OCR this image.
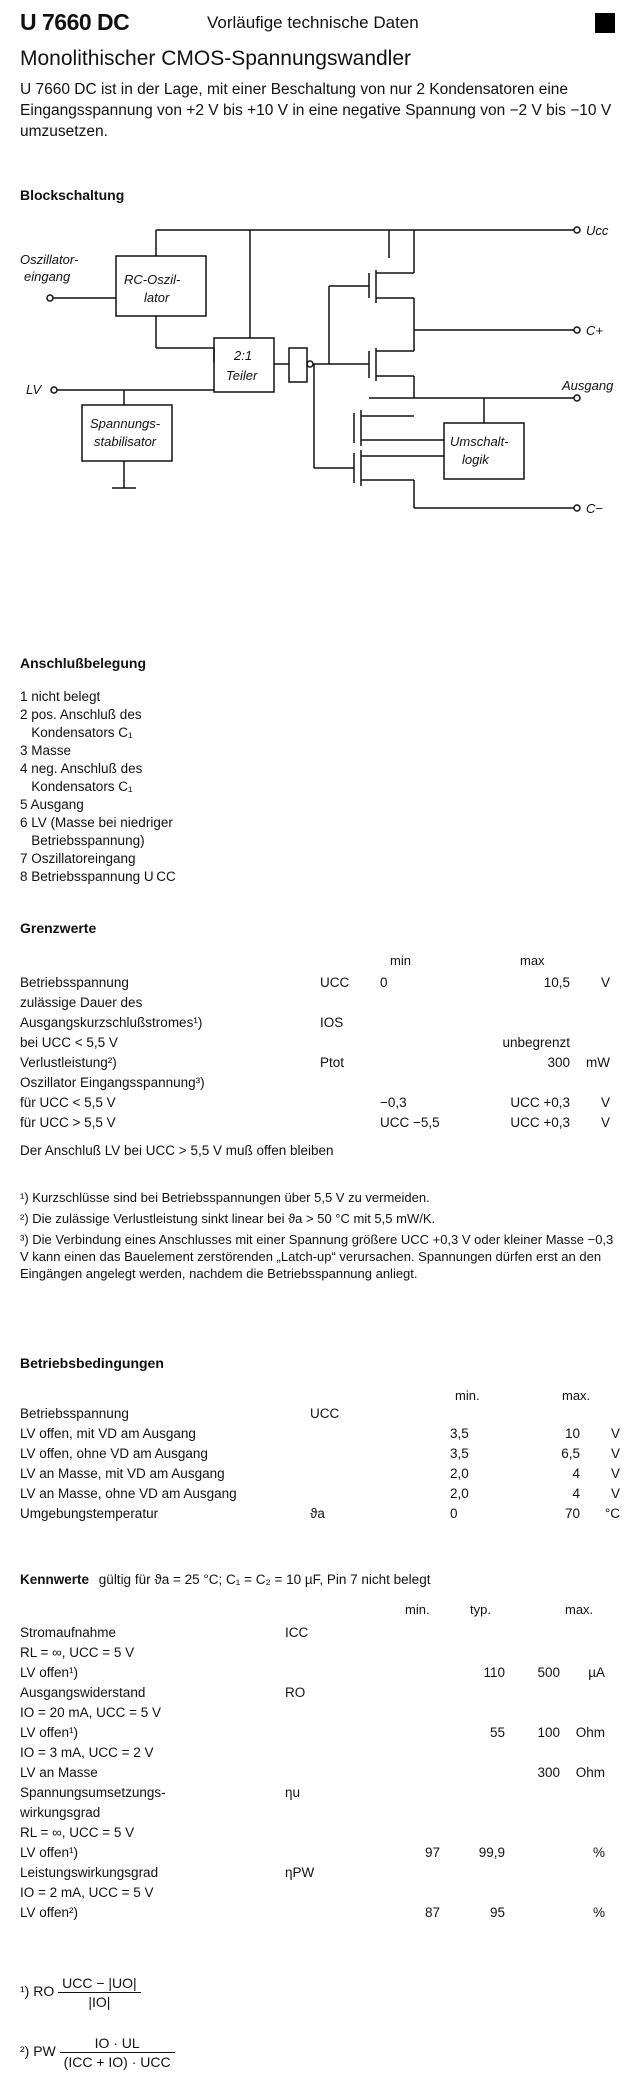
U 7660 DC	Vorläufige technische Daten
Monolithischer CMOS-Spannungswandler
U 7660 DC ist in der Lage, mit einer Beschaltung von nur 2 Kondensatoren eine Eingangsspannung von +2 V bis +10 V in eine negative Spannung von −2 V bis −10 V umzusetzen.
Blockschaltung
Ucc
Oszillator-
eingang	RC-Oszil-
lator
2:1
Teiler
C+
LV
Spannungs-
stabilisator
Ausgang
Umschalt-
logik
C−
Anschlußbelegung
1 nicht belegt
2 pos. Anschluß des
Kondensators C₁
3 Masse
4 neg. Anschluß des
Kondensators C₁
5 Ausgang
6 LV (Masse bei niedriger
Betriebsspannung)
7 Oszillatoreingang
8 Betriebsspannung U CC
Grenzwerte
min	max
Betriebsspannung	UCC	0	10,5	V
zulässige Dauer des				
Ausgangskurzschlußstromes¹)	IOS			
bei UCC < 5,5 V			unbegrenzt	
Verlustleistung²)	Ptot		300	mW
Oszillator Eingangsspannung³)				
für UCC < 5,5 V		−0,3	UCC +0,3	V
für UCC > 5,5 V		UCC −5,5	UCC +0,3	V
Der Anschluß LV bei UCC > 5,5 V muß offen bleiben
¹) Kurzschlüsse sind bei Betriebsspannungen über 5,5 V zu vermeiden.
²) Die zulässige Verlustleistung sinkt linear bei ϑa > 50 °C mit 5,5 mW/K.
³) Die Verbindung eines Anschlusses mit einer Spannung größere UCC +0,3 V oder kleiner Masse −0,3 V kann einen das Bauelement zerstörenden „Latch-up“ verursachen. Spannungen dürfen erst an den Eingängen angelegt werden, nachdem die Betriebsspannung anliegt.
Betriebsbedingungen
min.	max.
Betriebsspannung	UCC			
LV offen, mit VD am Ausgang		3,5	10	V
LV offen, ohne VD am Ausgang		3,5	6,5	V
LV an Masse, mit VD am Ausgang		2,0	4	V
LV an Masse, ohne VD am Ausgang		2,0	4	V
Umgebungstemperatur	ϑa	0	70	°C
Kennwerte gültig für ϑa = 25 °C; C₁ = C₂ = 10 µF, Pin 7 nicht belegt
min.	typ.	max.
Stromaufnahme	ICC				
RL = ∞, UCC = 5 V					
LV offen¹)			110	500	µA
Ausgangswiderstand	RO				
IO = 20 mA, UCC = 5 V					
LV offen¹)			55	100	Ohm
IO = 3 mA, UCC = 2 V					
LV an Masse				300	Ohm
Spannungsumsetzungs-	ηu				
wirkungsgrad					
RL = ∞, UCC = 5 V					
LV offen¹)		97	99,9		%
Leistungswirkungsgrad	ηPW				
IO = 2 mA, UCC = 5 V					
LV offen²)		87	95		%
¹) RO $\frac{\text{UCC − |UO|}}{|IO|}$
²) PW $\frac{IO \cdot UL}{\text{(ICC + IO) · UCC}}$
